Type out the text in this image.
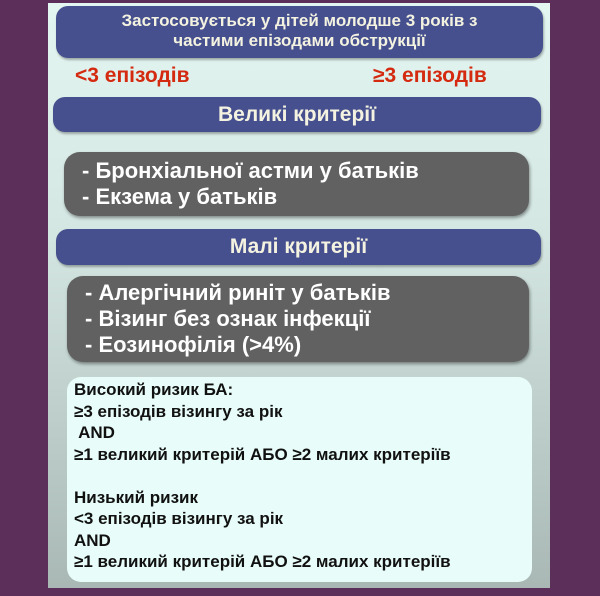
Застосовується у дітей молодше 3 років з
частими епізодами обструкції
<3 епізодів	≥3 епізодів
Великі критерії
- Бронхіальної астми у батьків
- Екзема у батьків
Малі критерії
- Алергічний риніт у батьків
- Візинг без ознак інфекції
- Еозинофілія (>4%)
Високий ризик БА:
≥3 епізодів візингу за рік
AND
≥1 великий критерій АБО ≥2 малих критеріїв
Низький ризик
<3 епізодів візингу за рік
AND
≥1 великий критерій АБО ≥2 малих критеріїв
